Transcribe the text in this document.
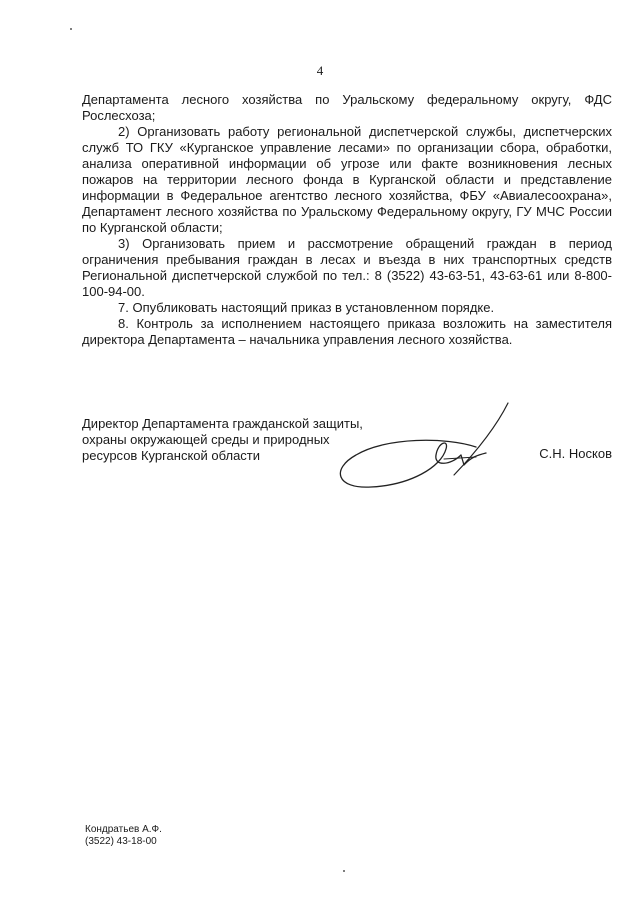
4

Департамента лесного хозяйства по Уральскому федеральному округу, ФДС Рослесхоза;

2) Организовать работу региональной диспетчерской службы, диспетчерских служб ТО ГКУ «Курганское управление лесами» по организации сбора, обработки, анализа оперативной информации об угрозе или факте возникновения лесных пожаров на территории лесного фонда в Курганской области и представление информации в Федеральное агентство лесного хозяйства, ФБУ «Авиалесоохрана», Департамент лесного хозяйства по Уральскому Федеральному округу, ГУ МЧС России по Курганской области;

3) Организовать прием и рассмотрение обращений граждан в период ограничения пребывания граждан в лесах и въезда в них транспортных средств Региональной диспетчерской службой по тел.: 8 (3522) 43-63-51, 43-63-61 или 8-800-100-94-00.

7. Опубликовать настоящий приказ в установленном порядке.

8. Контроль за исполнением настоящего приказа возложить на заместителя директора Департамента – начальника управления лесного хозяйства.

Директор Департамента гражданской защиты,
охраны окружающей среды и природных
ресурсов Курганской области	С.Н. Носков
Кондратьев А.Ф.
(3522) 43-18-00
